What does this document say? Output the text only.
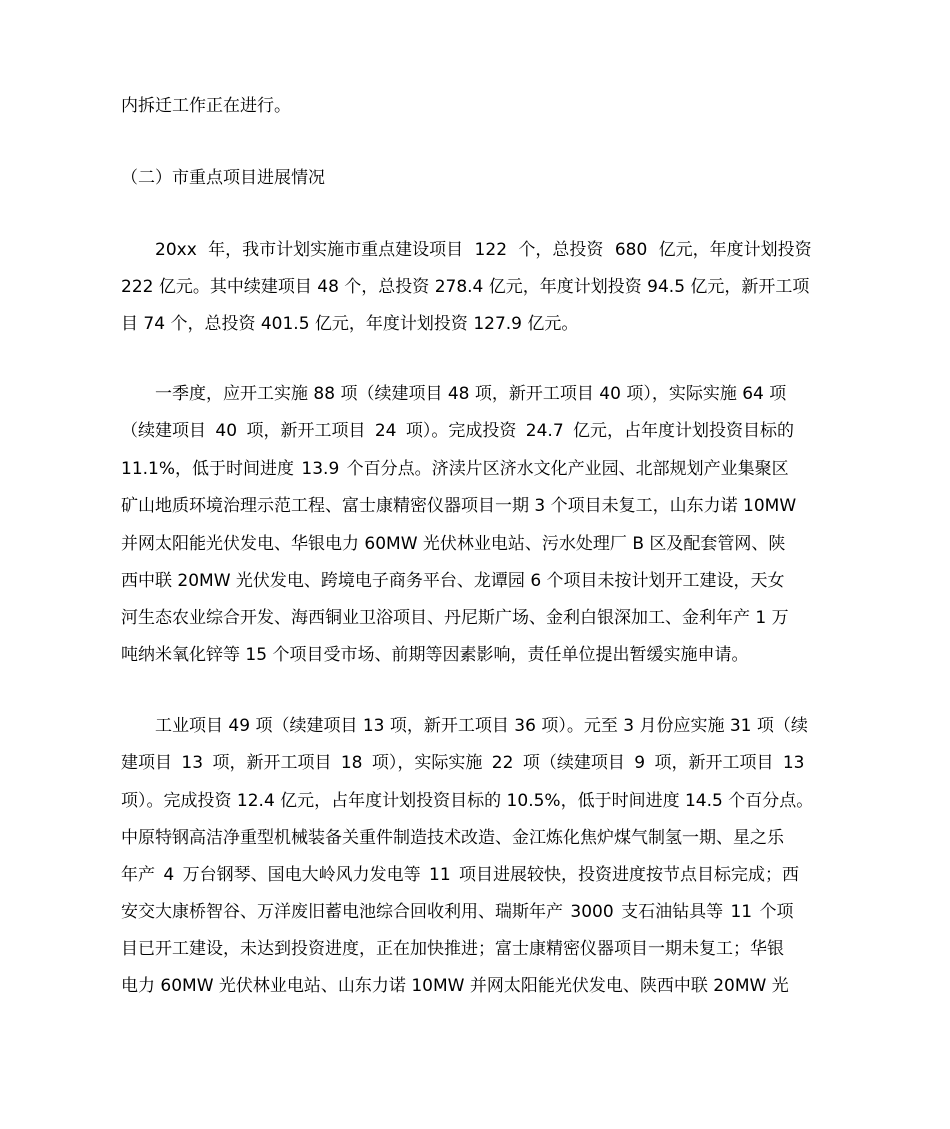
内拆迁工作正在进行。
（二）市重点项目进展情况
20xx 年，我市计划实施市重点建设项目 122 个，总投资 680 亿元，年度计划投资
222 亿元。其中续建项目 48 个，总投资 278.4 亿元，年度计划投资 94.5 亿元，新开工项
目 74 个，总投资 401.5 亿元，年度计划投资 127.9 亿元。
一季度，应开工实施 88 项（续建项目 48 项，新开工项目 40 项），实际实施 64 项
（续建项目 40 项，新开工项目 24 项）。完成投资 24.7 亿元，占年度计划投资目标的
11.1%，低于时间进度 13.9 个百分点。济渎片区济水文化产业园、北部规划产业集聚区
矿山地质环境治理示范工程、富士康精密仪器项目一期 3 个项目未复工，山东力诺 10MW
并网太阳能光伏发电、华银电力 60MW 光伏林业电站、污水处理厂 B 区及配套管网、陕
西中联 20MW 光伏发电、跨境电子商务平台、龙谭园 6 个项目未按计划开工建设，天女
河生态农业综合开发、海西铜业卫浴项目、丹尼斯广场、金利白银深加工、金利年产 1 万
吨纳米氧化锌等 15 个项目受市场、前期等因素影响，责任单位提出暂缓实施申请。
工业项目 49 项（续建项目 13 项，新开工项目 36 项）。元至 3 月份应实施 31 项（续
建项目 13 项，新开工项目 18 项），实际实施 22 项（续建项目 9 项，新开工项目 13
项）。完成投资 12.4 亿元，占年度计划投资目标的 10.5%，低于时间进度 14.5 个百分点。
中原特钢高洁净重型机械装备关重件制造技术改造、金江炼化焦炉煤气制氢一期、星之乐
年产 4 万台钢琴、国电大岭风力发电等 11 项目进展较快，投资进度按节点目标完成；西
安交大康桥智谷、万洋废旧蓄电池综合回收利用、瑞斯年产 3000 支石油钻具等 11 个项
目已开工建设，未达到投资进度，正在加快推进；富士康精密仪器项目一期未复工；华银
电力 60MW 光伏林业电站、山东力诺 10MW 并网太阳能光伏发电、陕西中联 20MW 光
